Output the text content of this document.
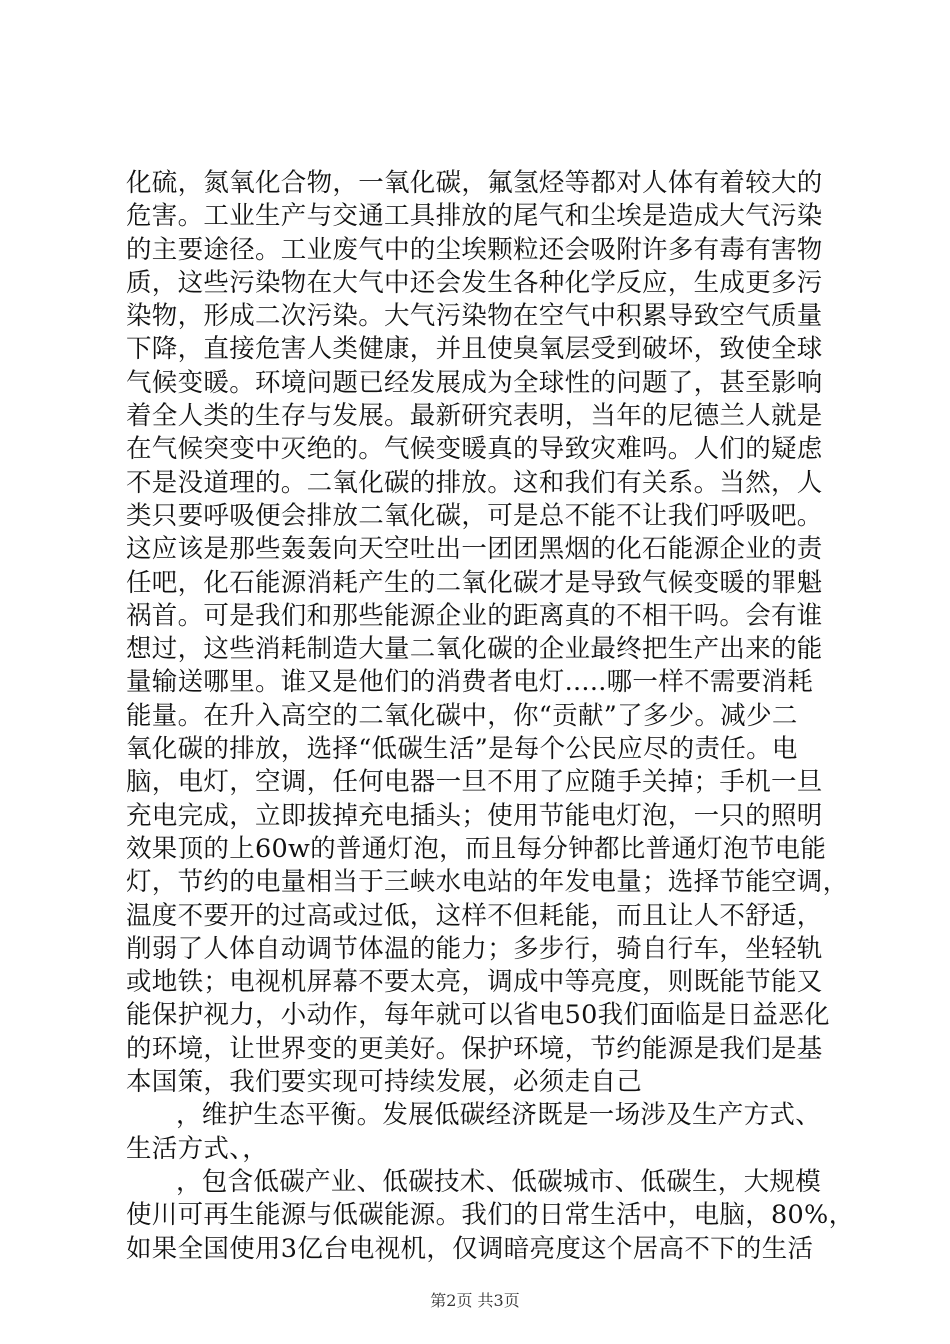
化硫，氮氧化合物，一氧化碳，氟氢烃等都对人体有着较大的
危害。工业生产与交通工具排放的尾气和尘埃是造成大气污染
的主要途径。工业废气中的尘埃颗粒还会吸附许多有毒有害物
质，这些污染物在大气中还会发生各种化学反应，生成更多污
染物，形成二次污染。大气污染物在空气中积累导致空气质量
下降，直接危害人类健康，并且使臭氧层受到破坏，致使全球
气候变暖。环境问题已经发展成为全球性的问题了，甚至影响
着全人类的生存与发展。最新研究表明，当年的尼德兰人就是
在气候突变中灭绝的。气候变暖真的导致灾难吗。人们的疑虑
不是没道理的。二氧化碳的排放。这和我们有关系。当然，人
类只要呼吸便会排放二氧化碳，可是总不能不让我们呼吸吧。
这应该是那些轰轰向天空吐出一团团黑烟的化石能源企业的责
任吧，化石能源消耗产生的二氧化碳才是导致气候变暖的罪魁
祸首。可是我们和那些能源企业的距离真的不相干吗。会有谁
想过，这些消耗制造大量二氧化碳的企业最终把生产出来的能
量输送哪里。谁又是他们的消费者电灯.....哪一样不需要消耗
能量。在升入高空的二氧化碳中，你“贡献”了多少。减少二
氧化碳的排放，选择“低碳生活”是每个公民应尽的责任。电
脑，电灯，空调，任何电器一旦不用了应随手关掉；手机一旦
充电完成，立即拔掉充电插头；使用节能电灯泡，一只的照明
效果顶的上60w的普通灯泡，而且每分钟都比普通灯泡节电能
灯，节约的电量相当于三峡水电站的年发电量；选择节能空调，
温度不要开的过高或过低，这样不但耗能，而且让人不舒适，
削弱了人体自动调节体温的能力；多步行，骑自行车，坐轻轨
或地铁；电视机屏幕不要太亮，调成中等亮度，则既能节能又
能保护视力，小动作，每年就可以省电50我们面临是日益恶化
的环境，让世界变的更美好。保护环境，节约能源是我们是基
本国策，我们要实现可持续发展，必须走自己
，维护生态平衡。发展低碳经济既是一场涉及生产方式、
生活方式、，
，包含低碳产业、低碳技术、低碳城市、低碳生，大规模
使川可再生能源与低碳能源。我们的日常生活中，电脑，80%，
如果全国使用3亿台电视机，仅调暗亮度这个居高不下的生活
第2页 共3页
